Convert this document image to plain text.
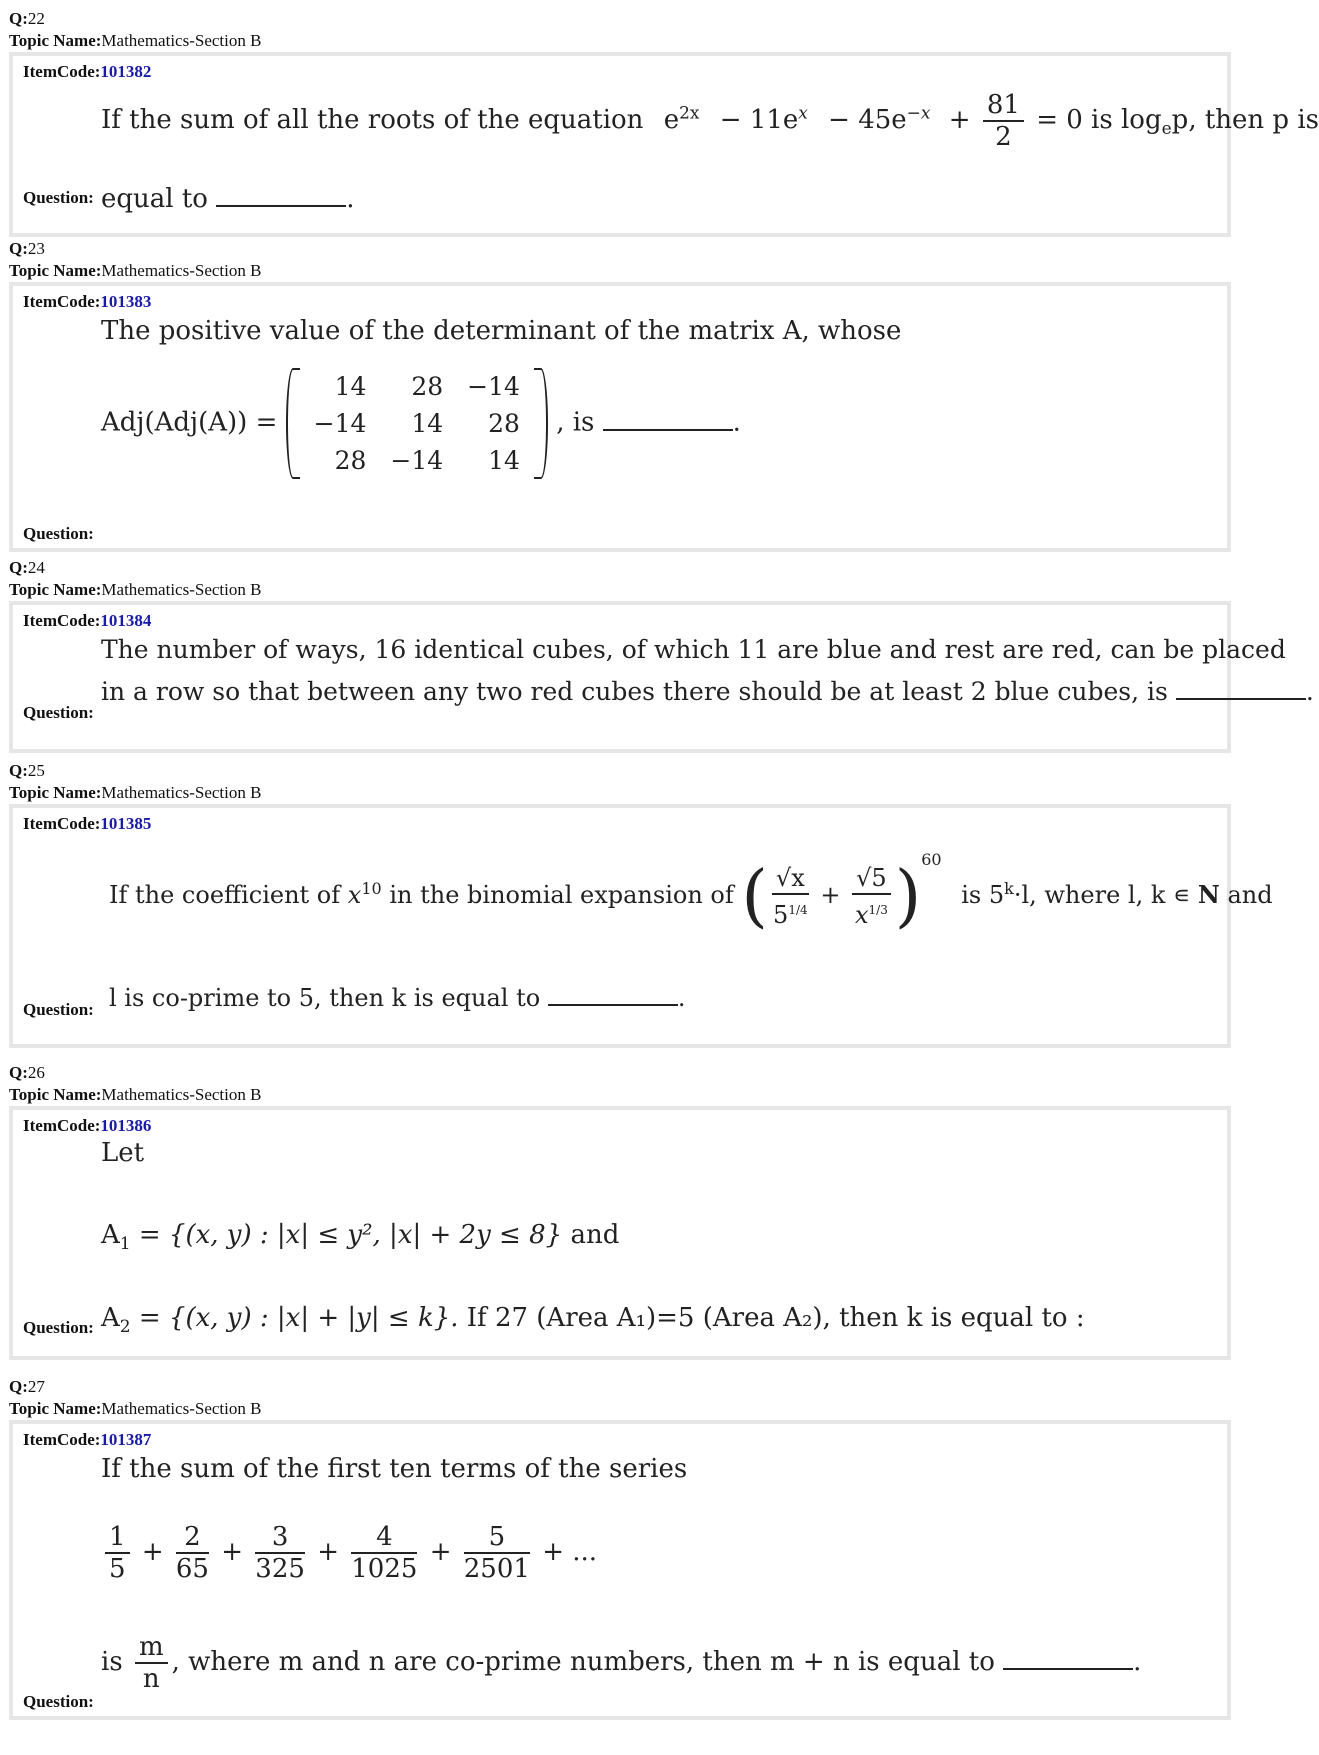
Q:22
Topic Name:Mathematics-Section B
ItemCode:101382
If the sum of all the roots of the equation $e^{2x} - 11e^x - 45e^{-x} + \frac{81}{2} = 0$ is $\log_ep$, then p is
equal to	.
Question:
Q:23
Topic Name:Mathematics-Section B
ItemCode:101383
The positive value of the determinant of the matrix A, whose
Adj(Adj(A)) =
14	28	−14
−14	14	28
28	−14	14
, is	.
Question:
Q:24
Topic Name:Mathematics-Section B
ItemCode:101384
The number of ways, 16 identical cubes, of which 11 are blue and rest are red, can be placed
in a row so that between any two red cubes there should be at least 2 blue cubes, is	.
Question:
Q:25
Topic Name:Mathematics-Section B
ItemCode:101385
If the coefficient of $x^{10}$ in the binomial expansion of ( $\frac{√x}{5^{1/4}} + \frac{√5}{x^{1/3}} )^{60}$ is $5^k\cdot l$, where l, k ∊ N and
l is co-prime to 5, then k is equal to	.
Question:
Q:26
Topic Name:Mathematics-Section B
ItemCode:101386
Let
$A_1 = \{(x$, y) : |x| ≤ y², |x| + 2y ≤ 8} and
$A_2 = \{(x$, y) : |x| + |y| ≤ k}. If 27 (Area A₁)=5 (Area A₂), then k is equal to :
Question:
Q:27
Topic Name:Mathematics-Section B
ItemCode:101387
If the sum of the first ten terms of the series
$\frac{1}{5} + \frac{2}{65} + \frac{3}{325} + \frac{4}{1025} + \frac{5}{2501}$ + ...
is $\frac{m}{n}$ , where m and n are co-prime numbers, then m + n is equal to	.
Question:
